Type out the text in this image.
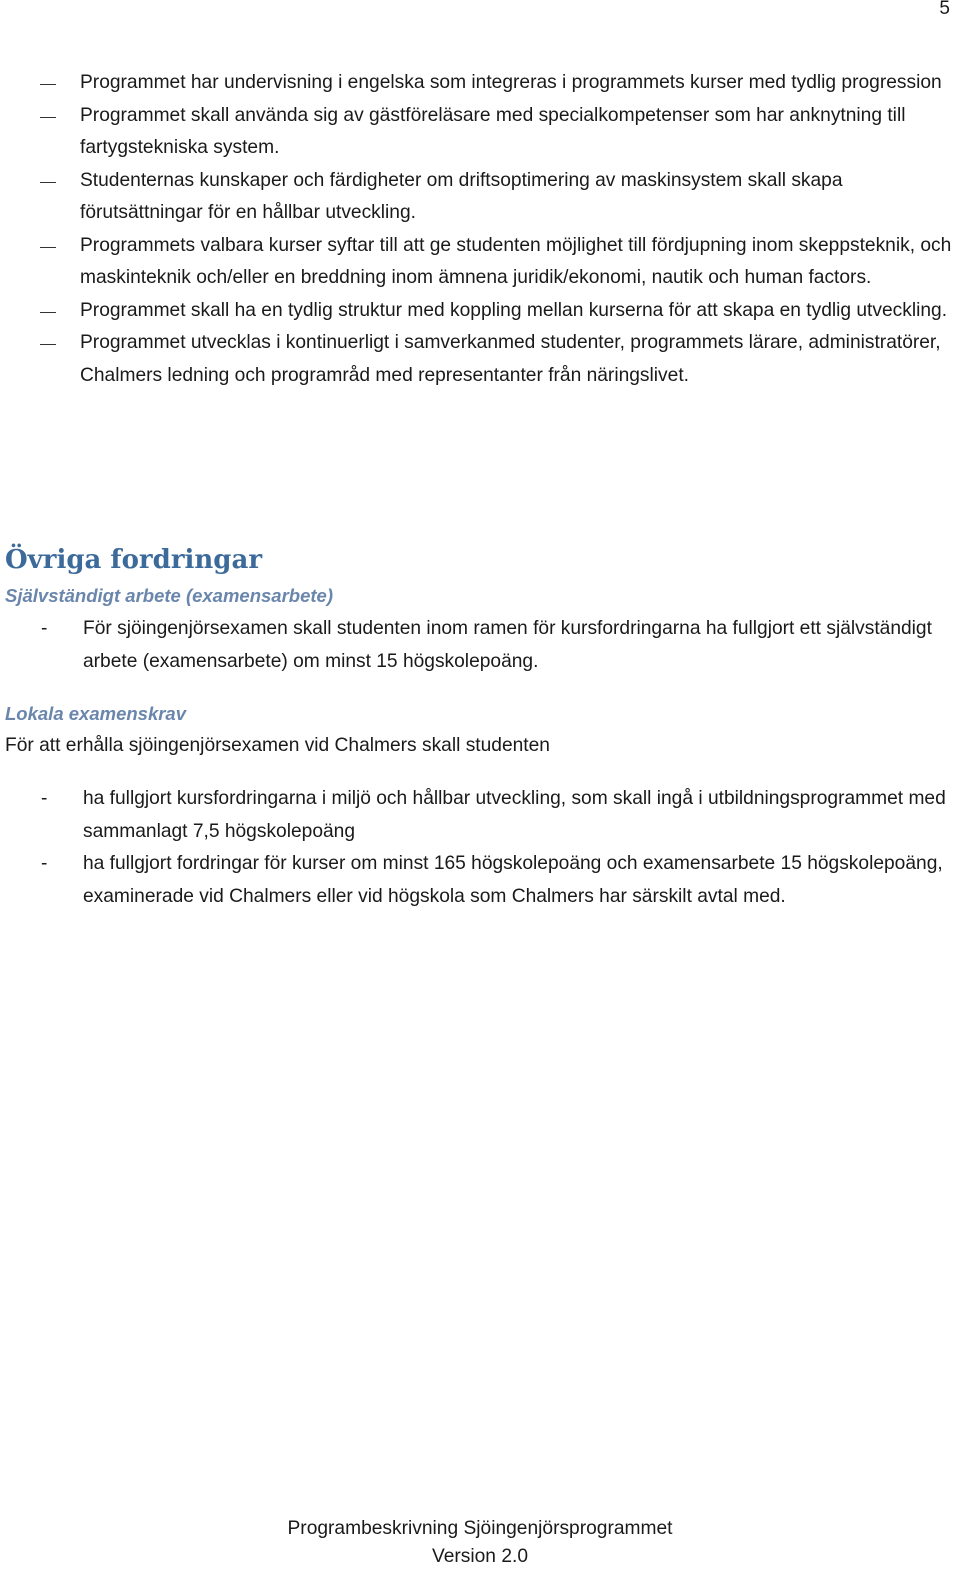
5
Programmet har undervisning i engelska som integreras i programmets kurser med tydlig progression
Programmet skall använda sig av gästföreläsare med specialkompetenser som har anknytning till fartygstekniska system.
Studenternas kunskaper och färdigheter om driftsoptimering av maskinsystem skall skapa förutsättningar för en hållbar utveckling.
Programmets valbara kurser syftar till att ge studenten möjlighet till fördjupning inom skeppsteknik, och maskinteknik och/eller en breddning inom ämnena juridik/ekonomi, nautik och human factors.
Programmet skall ha en tydlig struktur med koppling mellan kurserna för att skapa en tydlig utveckling.
Programmet utvecklas i kontinuerligt i samverkanmed studenter, programmets lärare, administratörer, Chalmers ledning och programråd med representanter från näringslivet.
Övriga fordringar
Självständigt arbete (examensarbete)
- För sjöingenjörsexamen skall studenten inom ramen för kursfordringarna ha fullgjort ett självständigt arbete (examensarbete) om minst 15 högskolepoäng.
Lokala examenskrav

För att erhålla sjöingenjörsexamen vid Chalmers skall studenten

- ha fullgjort kursfordringarna i miljö och hållbar utveckling, som skall ingå i utbildningsprogrammet med sammanlagt 7,5 högskolepoäng
- ha fullgjort fordringar för kurser om minst 165 högskolepoäng och examensarbete 15 högskolepoäng, examinerade vid Chalmers eller vid högskola som Chalmers har särskilt avtal med.
Programbeskrivning Sjöingenjörsprogrammet
Version 2.0
